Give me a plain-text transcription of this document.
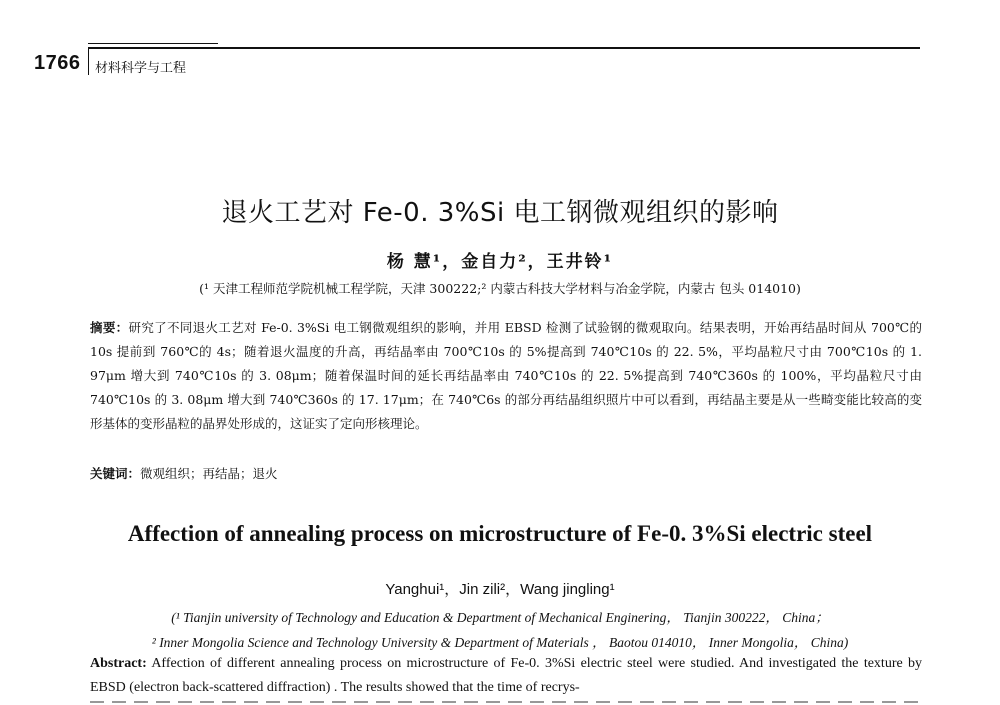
1766 材料科学与工程
退火工艺对 Fe-0. 3%Si 电工钢微观组织的影响
杨 慧¹，金自力²，王井铃¹
(¹ 天津工程师范学院机械工程学院，天津 300222;² 内蒙古科技大学材料与冶金学院，内蒙古 包头 014010)
摘要：研究了不同退火工艺对 Fe-0. 3%Si 电工钢微观组织的影响，并用 EBSD 检测了试验钢的微观取向。结果表明，开始再结晶时间从 700℃的 10s 提前到 760℃的 4s；随着退火温度的升高，再结晶率由 700℃10s 的 5%提高到 740℃10s 的 22. 5%，平均晶粒尺寸由 700℃10s 的 1. 97μm 增大到 740℃10s 的 3. 08μm；随着保温时间的延长再结晶率由 740℃10s 的 22. 5%提高到 740℃360s 的 100%，平均晶粒尺寸由 740℃10s 的 3. 08μm 增大到 740℃360s 的 17. 17μm；在 740℃6s 的部分再结晶组织照片中可以看到，再结晶主要是从一些畸变能比较高的变形基体的变形晶粒的晶界处形成的，这证实了定向形核理论。
关键词：微观组织；再结晶；退火
Affection of annealing process on microstructure of Fe-0. 3%Si electric steel
Yanghui¹，Jin zili²，Wang jingling¹
(¹ Tianjin university of Technology and Education & Department of Mechanical Enginering， Tianjin 300222， China；
² Inner Mongolia Science and Technology University & Department of Materials ， Baotou 014010， Inner Mongolia， China)
Abstract: Affection of different annealing process on microstructure of Fe-0. 3%Si electric steel were studied. And investigated the texture by EBSD (electron back-scattered diffraction) . The results showed that the time of recrys-
